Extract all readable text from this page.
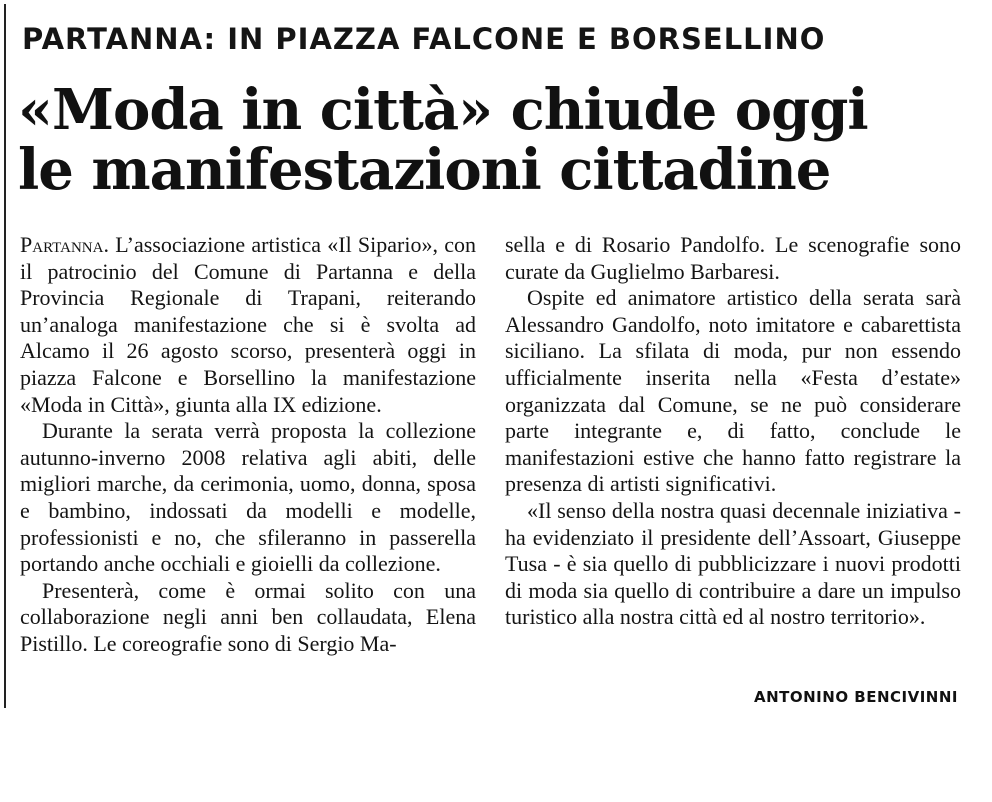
PARTANNA: IN PIAZZA FALCONE E BORSELLINO
«Moda in città» chiude oggi
le manifestazioni cittadine

Partanna. L’associazione artistica «Il Sipario», con il patrocinio del Comune di Partanna e della Provincia Regionale di Trapani, reiterando un’analoga manifestazione che si è svolta ad Alcamo il 26 agosto scorso, presenterà oggi in piazza Falcone e Borsellino la manifestazione «Moda in Città», giunta alla IX edizione.

Durante la serata verrà proposta la collezione autunno-inverno 2008 relativa agli abiti, delle migliori marche, da cerimonia, uomo, donna, sposa e bambino, indossati da modelli e modelle, professionisti e no, che sfileranno in passerella portando anche occhiali e gioielli da collezione.

Presenterà, come è ormai solito con una collaborazione negli anni ben collaudata, Elena Pistillo. Le coreografie sono di Sergio Ma-

sella e di Rosario Pandolfo. Le scenografie sono curate da Guglielmo Barbaresi.

Ospite ed animatore artistico della serata sarà Alessandro Gandolfo, noto imitatore e cabarettista siciliano. La sfilata di moda, pur non essendo ufficialmente inserita nella «Festa d’estate» organizzata dal Comune, se ne può considerare parte integrante e, di fatto, conclude le manifestazioni estive che hanno fatto registrare la presenza di artisti significativi.

«Il senso della nostra quasi decennale iniziativa - ha evidenziato il presidente dell’Assoart, Giuseppe Tusa - è sia quello di pubblicizzare i nuovi prodotti di moda sia quello di contribuire a dare un impulso turistico alla nostra città ed al nostro territorio».

ANTONINO BENCIVINNI
